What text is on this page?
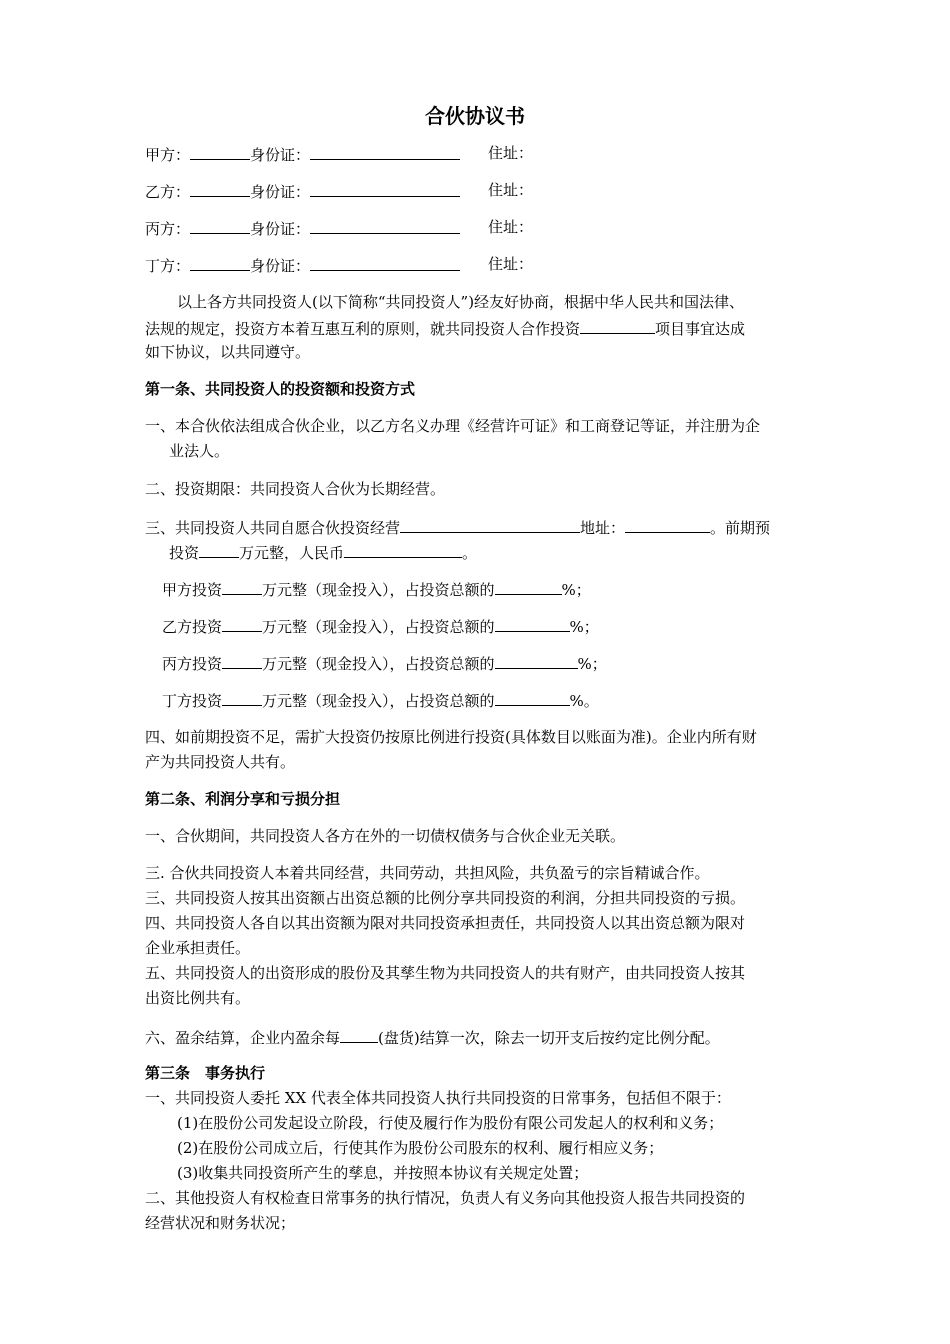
合伙协议书
甲方：	身份证：	住址：
乙方：	身份证：	住址：
丙方：	身份证：	住址：
丁方：	身份证：	住址：
以上各方共同投资人(以下简称“共同投资人”)经友好协商，根据中华人民共和国法律、
法规的规定，投资方本着互惠互利的原则，就共同投资人合作投资	项目事宜达成
如下协议，以共同遵守。
第一条、共同投资人的投资额和投资方式
一、本合伙依法组成合伙企业，以乙方名义办理《经营许可证》和工商登记等证，并注册为企
业法人。
二、投资期限：共同投资人合伙为长期经营。
三、共同投资人共同自愿合伙投资经营	地址：	。前期预
投资	万元整，人民币	。
甲方投资	万元整（现金投入），占投资总额的	%；
乙方投资	万元整（现金投入），占投资总额的	%；
丙方投资	万元整（现金投入），占投资总额的	%；
丁方投资	万元整（现金投入），占投资总额的	%。
四、如前期投资不足，需扩大投资仍按原比例进行投资(具体数目以账面为准)。企业内所有财
产为共同投资人共有。
第二条、利润分享和亏损分担
一、合伙期间，共同投资人各方在外的一切债权债务与合伙企业无关联。
三. 合伙共同投资人本着共同经营，共同劳动，共担风险，共负盈亏的宗旨精诚合作。
三、共同投资人按其出资额占出资总额的比例分享共同投资的利润，分担共同投资的亏损。
四、共同投资人各自以其出资额为限对共同投资承担责任，共同投资人以其出资总额为限对
企业承担责任。
五、共同投资人的出资形成的股份及其孳生物为共同投资人的共有财产，由共同投资人按其
出资比例共有。
六、盈余结算，企业内盈余每	(盘货)结算一次，除去一切开支后按约定比例分配。
第三条　事务执行
一、共同投资人委托 XX 代表全体共同投资人执行共同投资的日常事务，包括但不限于：
(1)在股份公司发起设立阶段，行使及履行作为股份有限公司发起人的权利和义务；
(2)在股份公司成立后，行使其作为股份公司股东的权利、履行相应义务；
(3)收集共同投资所产生的孳息，并按照本协议有关规定处置；
二、其他投资人有权检查日常事务的执行情况，负责人有义务向其他投资人报告共同投资的
经营状况和财务状况；
